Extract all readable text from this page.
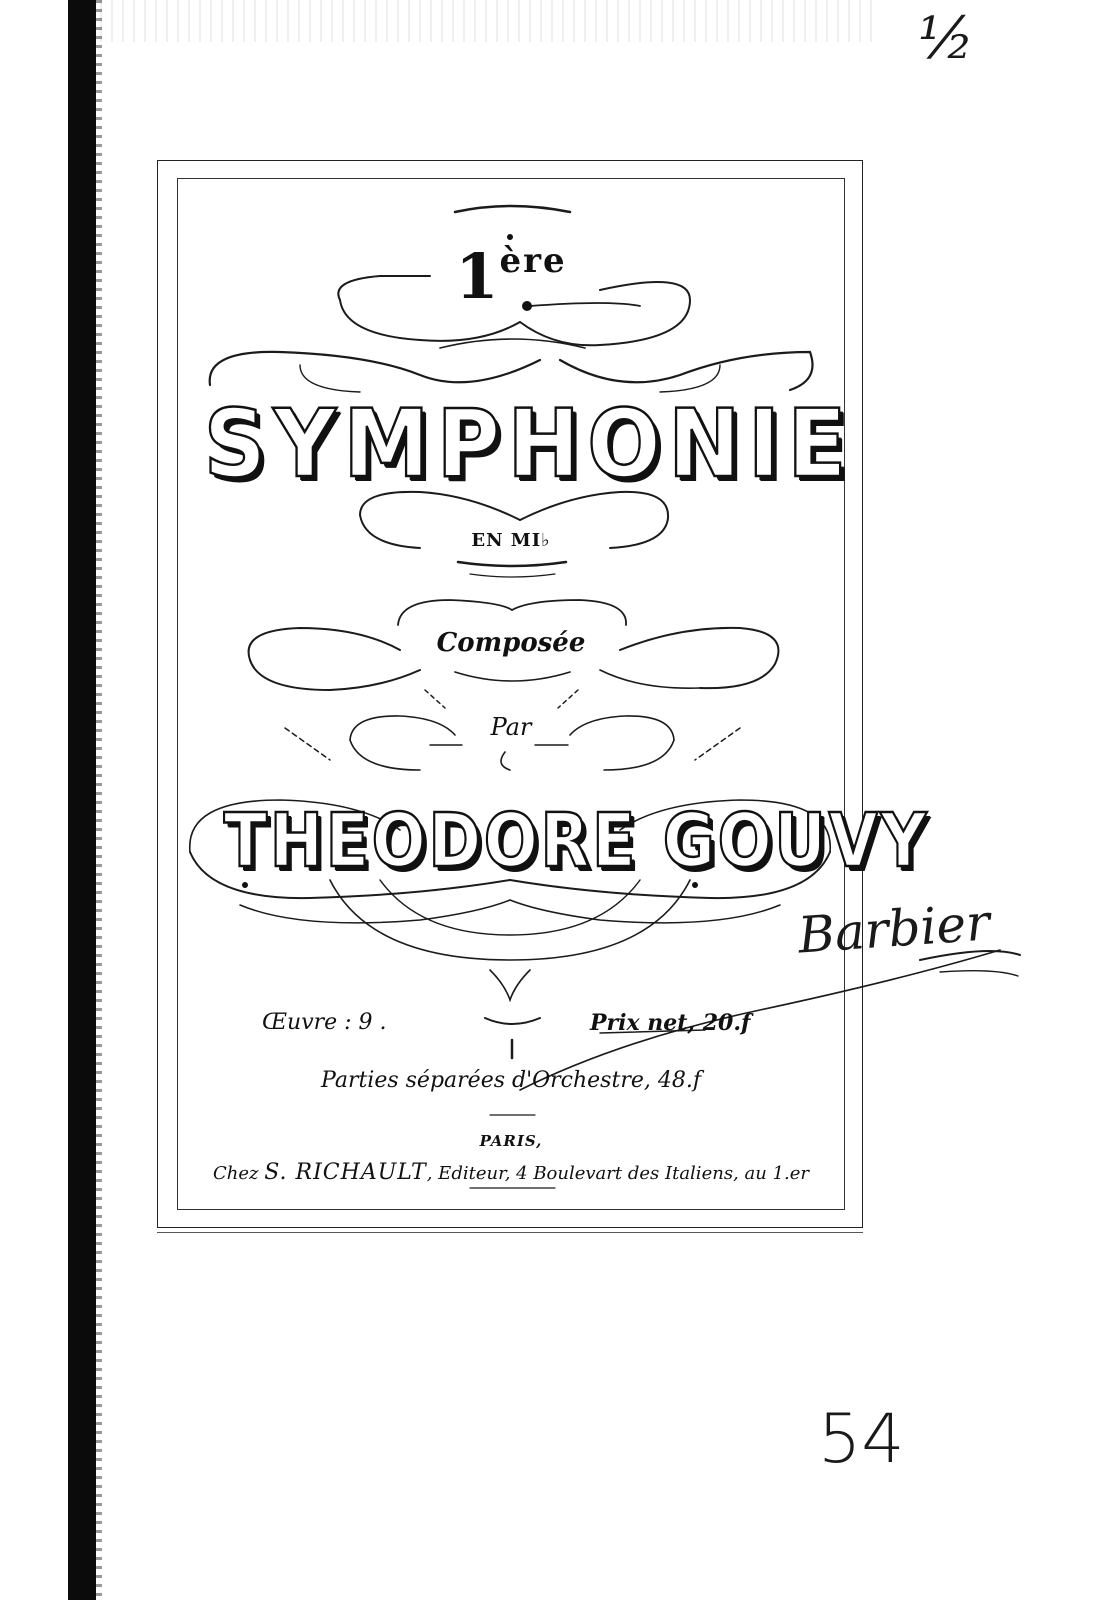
1ère
SYMPHONIE
EN MI♭
Composée
Par
THEODORE GOUVY
Œuvre : 9 .	Prix net, 20.f
Parties séparées d'Orchestre, 48.f
PARIS,
Chez S. RICHAULT, Editeur, 4 Boulevart des Italiens, au 1.er
½
Barbier
54
